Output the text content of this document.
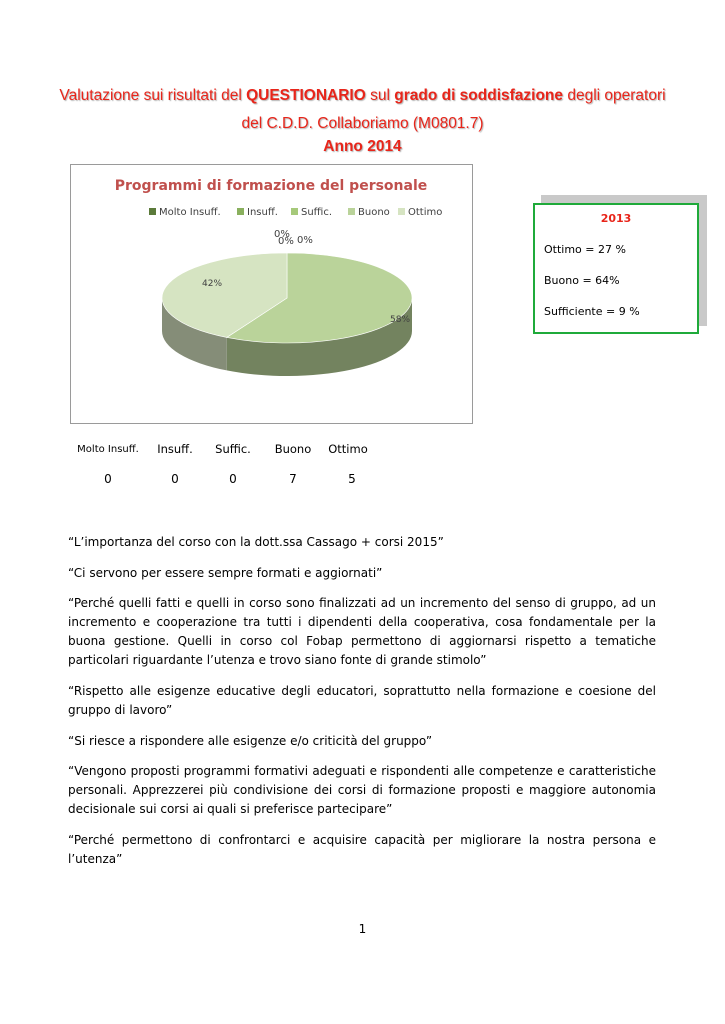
Valutazione sui risultati del QUESTIONARIO sul grado di soddisfazione degli operatori
del C.D.D. Collaboriamo (M0801.7)
Anno 2014
Programmi di formazione del personale
Molto Insuff.	Insuff. Suffic.	Buono Ottimo
0%
0% 0%
58%
42%
2013
Ottimo = 27 %
Buono = 64%
Sufficiente = 9 %
Molto Insuff.	Insuff.	Suffic.	Buono	Ottimo
0	0	0	7	5
“L’importanza del corso con la dott.ssa Cassago + corsi 2015”
“Ci servono per essere sempre formati e aggiornati”
“Perché quelli fatti e quelli in corso sono finalizzati ad un incremento del senso di gruppo, ad un incremento e cooperazione tra tutti i dipendenti della cooperativa, cosa fondamentale per la buona gestione. Quelli in corso col Fobap permettono di aggiornarsi rispetto a tematiche particolari riguardante l’utenza e trovo siano fonte di grande stimolo”
“Rispetto alle esigenze educative degli educatori, soprattutto nella formazione e coesione del gruppo di lavoro”
“Si riesce a rispondere alle esigenze e/o criticità del gruppo”
“Vengono proposti programmi formativi adeguati e rispondenti alle competenze e caratteristiche personali. Apprezzerei più condivisione dei corsi di formazione proposti e maggiore autonomia decisionale sui corsi ai quali si preferisce partecipare”
“Perché permettono di confrontarci e acquisire capacità per migliorare la nostra persona e l’utenza”
1
